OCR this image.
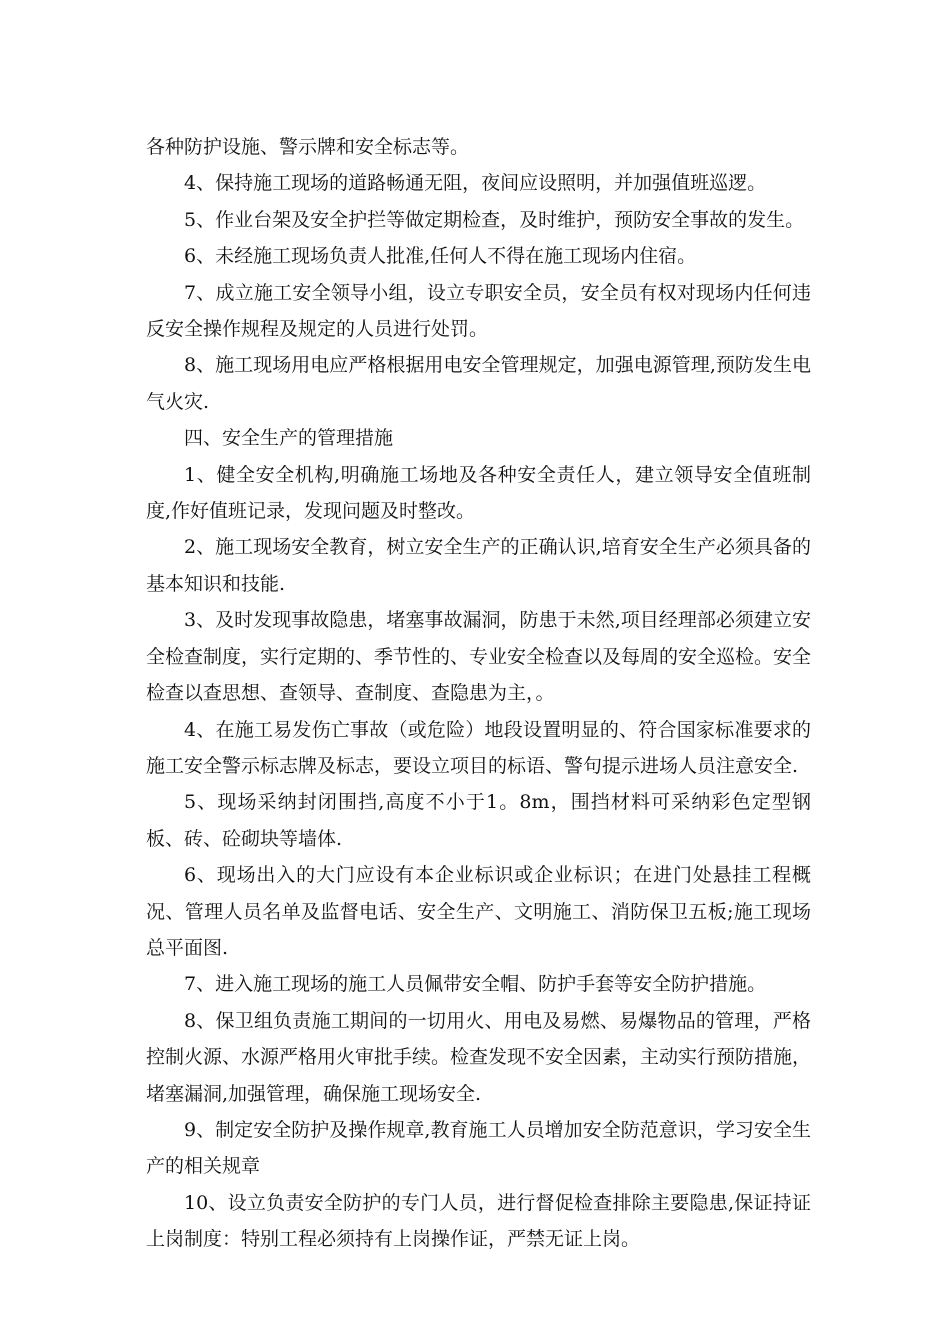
各种防护设施、警示牌和安全标志等。

4、保持施工现场的道路畅通无阻，夜间应设照明，并加强值班巡逻。

5、作业台架及安全护拦等做定期检查，及时维护，预防安全事故的发生。

6、未经施工现场负责人批准,任何人不得在施工现场内住宿。

7、成立施工安全领导小组，设立专职安全员，安全员有权对现场内任何违反安全操作规程及规定的人员进行处罚。

8、施工现场用电应严格根据用电安全管理规定，加强电源管理,预防发生电气火灾.

四、安全生产的管理措施

1、健全安全机构,明确施工场地及各种安全责任人，建立领导安全值班制度,作好值班记录，发现问题及时整改。

2、施工现场安全教育，树立安全生产的正确认识,培育安全生产必须具备的基本知识和技能.

3、及时发现事故隐患，堵塞事故漏洞，防患于未然,项目经理部必须建立安全检查制度，实行定期的、季节性的、专业安全检查以及每周的安全巡检。安全检查以查思想、查领导、查制度、查隐患为主，。

4、在施工易发伤亡事故（或危险）地段设置明显的、符合国家标准要求的施工安全警示标志牌及标志，要设立项目的标语、警句提示进场人员注意安全.

5、现场采纳封闭围挡,高度不小于1。8m，围挡材料可采纳彩色定型钢板、砖、砼砌块等墙体.

6、现场出入的大门应设有本企业标识或企业标识；在进门处悬挂工程概况、管理人员名单及监督电话、安全生产、文明施工、消防保卫五板;施工现场总平面图.

7、进入施工现场的施工人员佩带安全帽、防护手套等安全防护措施。

8、保卫组负责施工期间的一切用火、用电及易燃、易爆物品的管理，严格控制火源、水源严格用火审批手续。检查发现不安全因素，主动实行预防措施，堵塞漏洞,加强管理，确保施工现场安全.

9、制定安全防护及操作规章,教育施工人员增加安全防范意识，学习安全生产的相关规章

10、设立负责安全防护的专门人员，进行督促检查排除主要隐患,保证持证上岗制度：特别工程必须持有上岗操作证，严禁无证上岗。
